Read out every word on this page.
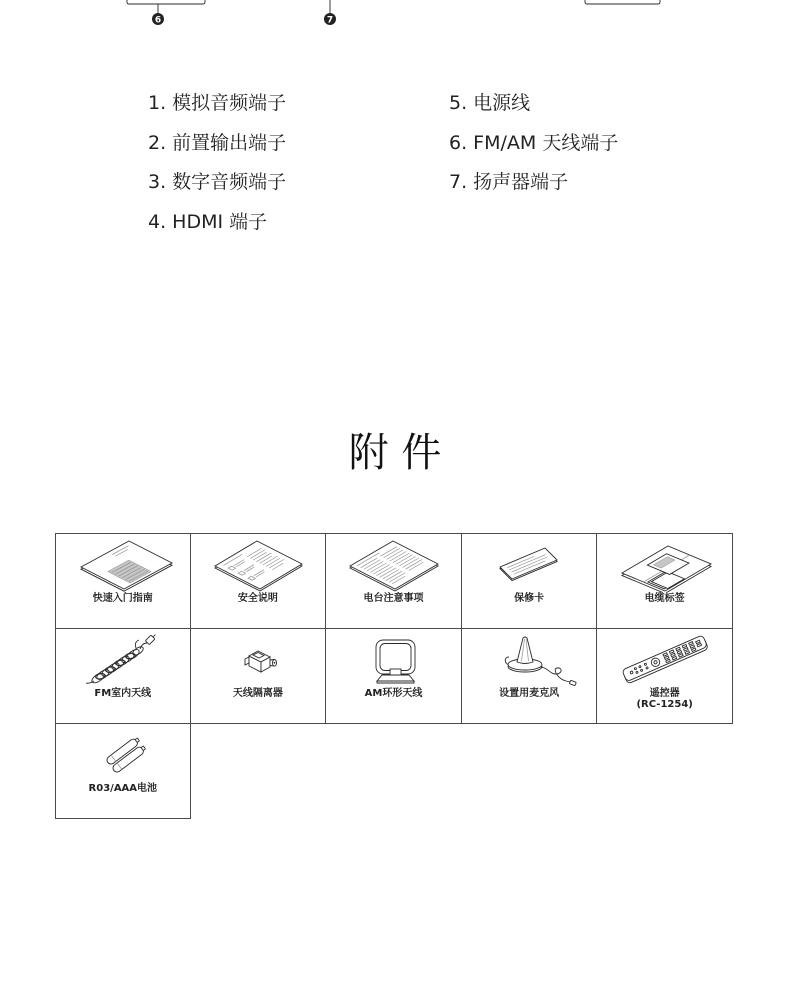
6	7
1. 模拟音频端子
2. 前置输出端子
3. 数字音频端子
4. HDMI 端子
5. 电源线
6. FM/AM 天线端子
7. 扬声器端子
附 件
快速入门指南	安全说明	电台注意事项	保修卡	电缆标签
FM室内天线	天线隔离器	AM环形天线	设置用麦克风	遥控器
(RC-1254)
R03/AAA电池
